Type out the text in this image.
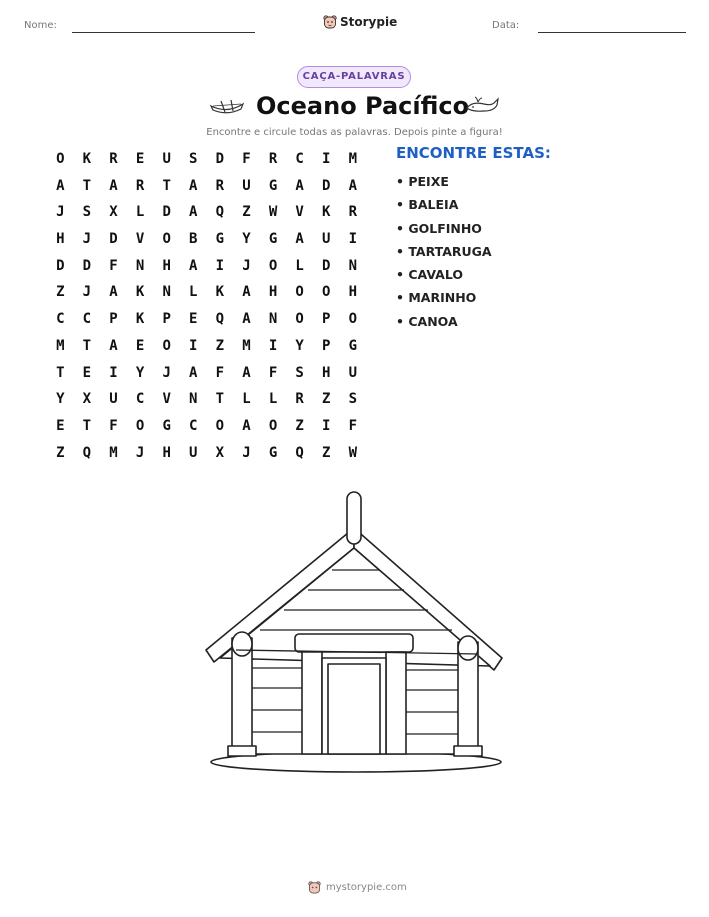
Nome:	Storypie	Data:
CAÇA-PALAVRAS
Oceano Pacífico
Encontre e circule todas as palavras. Depois pinte a figura!
O	K	R	E	U	S	D	F	R	C	I	M
A	T	A	R	T	A	R	U	G	A	D	A
J	S	X	L	D	A	Q	Z	W	V	K	R
H	J	D	V	O	B	G	Y	G	A	U	I
D	D	F	N	H	A	I	J	O	L	D	N
Z	J	A	K	N	L	K	A	H	O	O	H
C	C	P	K	P	E	Q	A	N	O	P	O
M	T	A	E	O	I	Z	M	I	Y	P	G
T	E	I	Y	J	A	F	A	F	S	H	U
Y	X	U	C	V	N	T	L	L	R	Z	S
E	T	F	O	G	C	O	A	O	Z	I	F
Z	Q	M	J	H	U	X	J	G	Q	Z	W
ENCONTRE ESTAS:
• PEIXE
• BALEIA
• GOLFINHO
• TARTARUGA
• CAVALO
• MARINHO
• CANOA
mystorypie.com
